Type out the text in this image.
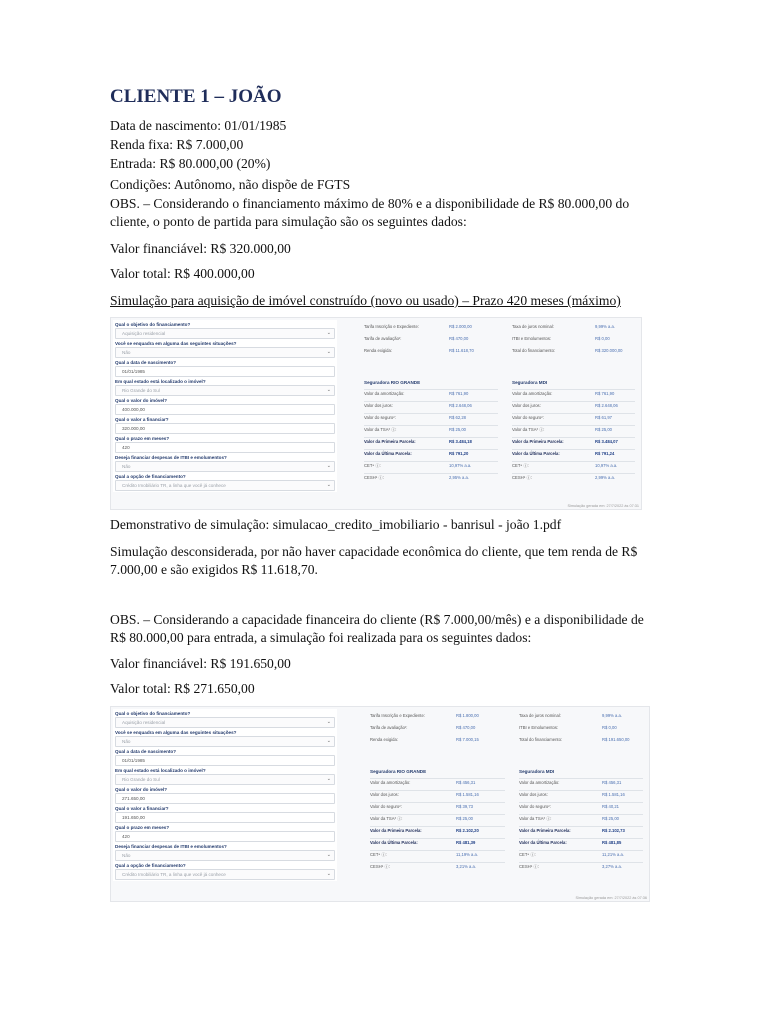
CLIENTE 1 – JOÃO
Data de nascimento: 01/01/1985
Renda fixa: R$ 7.000,00
Entrada: R$ 80.000,00 (20%)
Condições: Autônomo, não dispõe de FGTS
OBS. – Considerando o financiamento máximo de 80% e a disponibilidade de R$ 80.000,00 do cliente, o ponto de partida para simulação são os seguintes dados:
Valor financiável: R$ 320.000,00
Valor total: R$ 400.000,00
Simulação para aquisição de imóvel construído (novo ou usado) – Prazo 420 meses (máximo)
Qual o objetivo do financiamento?
Aquisição residencial	⌄
Você se enquadra em alguma das seguintes situações?
Não	⌄
Qual a data de nascimento?
01/01/1985
Em qual estado está localizado o imóvel?
Rio Grande do Sul	⌄
Qual o valor do imóvel?
400.000,00
Qual o valor a financiar?
320.000,00
Qual o prazo em meses?
420
Deseja financiar despesas de ITBI e emolumentos?
Não	⌄
Qual a opção de financiamento?
Crédito Imobiliário TR, a linha que você já conhece	⌄
Tarifa Inscrição e Expediente:	R$ 2.000,00	Taxa de juros nominal:	9,99% a.a.
Tarifa de avaliação¹:	R$ 470,00	ITBI e Emolumentos:	R$ 0,00
Renda exigida:	R$ 11.618,70	Total do financiamento:	R$ 320.000,00
Seguradora RIO GRANDE	Seguradora MDI
Valor da amortização:	R$ 761,90	Valor da amortização:	R$ 761,90
Valor dos juros:	R$ 2.648,06	Valor dos juros:	R$ 2.648,06
Valor do seguro²:	R$ 62,28	Valor do seguro²:	R$ 61,97
Valor da TSA³ ⓘ:	R$ 25,00	Valor da TSA³ ⓘ:	R$ 25,00
Valor da Primeira Parcela:	R$ 3.484,18	Valor da Primeira Parcela:	R$ 3.484,07
Valor da Última Parcela:	R$ 791,20	Valor da Última Parcela:	R$ 791,24
CET⁴ ⓘ:	10,97% a.a.	CET⁴ ⓘ:	10,97% a.a.
CESH⁵ ⓘ:	2,95% a.a.	CESH⁵ ⓘ:	2,99% a.a.
Simulação gerada em: 27/7/2022 às 07:31
Demonstrativo de simulação: simulacao_credito_imobiliario - banrisul - joão 1.pdf
Simulação desconsiderada, por não haver capacidade econômica do cliente, que tem renda de R$ 7.000,00 e são exigidos R$ 11.618,70.
OBS. – Considerando a capacidade financeira do cliente (R$ 7.000,00/mês) e a disponibilidade de R$ 80.000,00 para entrada, a simulação foi realizada para os seguintes dados:
Valor financiável: R$ 191.650,00
Valor total: R$ 271.650,00
Qual o objetivo do financiamento?
Aquisição residencial	⌄
Você se enquadra em alguma das seguintes situações?
Não	⌄
Qual a data de nascimento?
01/01/1985
Em qual estado está localizado o imóvel?
Rio Grande do Sul	⌄
Qual o valor do imóvel?
271.650,00
Qual o valor a financiar?
191.650,00
Qual o prazo em meses?
420
Deseja financiar despesas de ITBI e emolumentos?
Não	⌄
Qual a opção de financiamento?
Crédito Imobiliário TR, a linha que você já conhece	⌄
Tarifa Inscrição e Expediente:	R$ 1.800,00	Taxa de juros nominal:	9,99% a.a.
Tarifa de avaliação¹:	R$ 470,00	ITBI e Emolumentos:	R$ 0,00
Renda exigida:	R$ 7.000,15	Total do financiamento:	R$ 191.650,00
Seguradora RIO GRANDE	Seguradora MDI
Valor da amortização:	R$ 456,31	Valor da amortização:	R$ 456,31
Valor dos juros:	R$ 1.581,16	Valor dos juros:	R$ 1.581,16
Valor do seguro²:	R$ 39,73	Valor do seguro²:	R$ 40,21
Valor da TSA³ ⓘ:	R$ 25,00	Valor da TSA³ ⓘ:	R$ 25,00
Valor da Primeira Parcela:	R$ 2.102,20	Valor da Primeira Parcela:	R$ 2.102,73
Valor da Última Parcela:	R$ 481,39	Valor da Última Parcela:	R$ 481,85
CET⁴ ⓘ:	11,19% a.a.	CET⁴ ⓘ:	11,21% a.a.
CESH⁵ ⓘ:	3,21% a.a.	CESH⁵ ⓘ:	3,27% a.a.
Simulação gerada em: 27/7/2022 às 07:36
